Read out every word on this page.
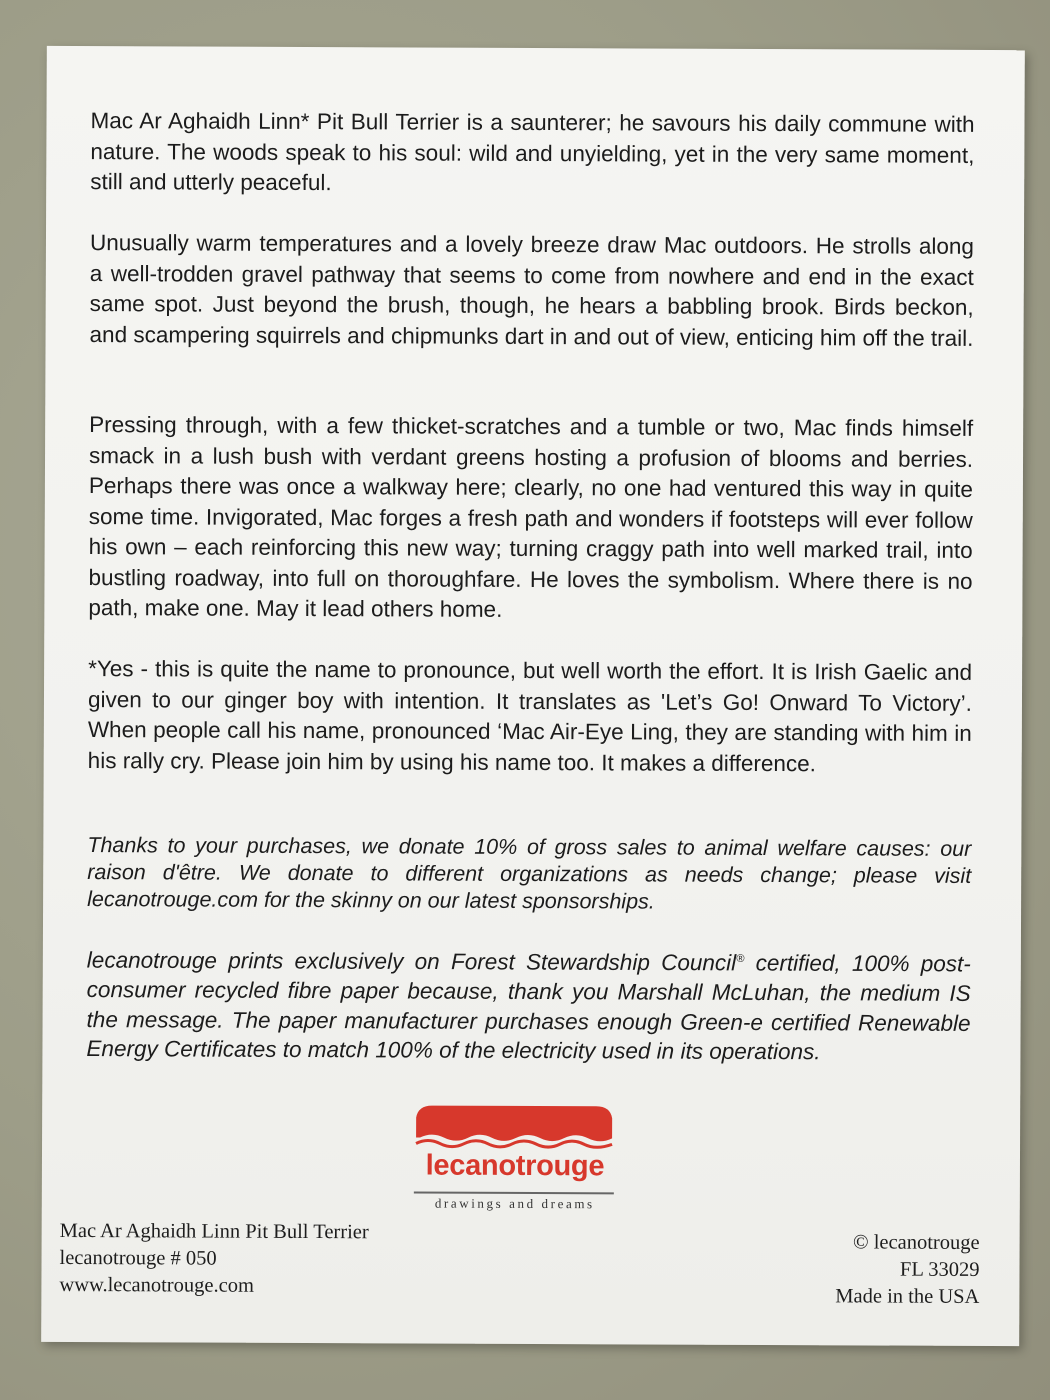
Mac Ar Aghaidh Linn* Pit Bull Terrier is a saunterer; he savours his daily commune with nature. The woods speak to his soul: wild and unyielding, yet in the very same moment, still and utterly peaceful.

Unusually warm temperatures and a lovely breeze draw Mac outdoors. He strolls along a well-trodden gravel pathway that seems to come from nowhere and end in the exact same spot. Just beyond the brush, though, he hears a babbling brook. Birds beckon, and scampering squirrels and chipmunks dart in and out of view, enticing him off the trail.

Pressing through, with a few thicket-scratches and a tumble or two, Mac finds himself smack in a lush bush with verdant greens hosting a profusion of blooms and berries. Perhaps there was once a walkway here; clearly, no one had ventured this way in quite some time. Invigorated, Mac forges a fresh path and wonders if footsteps will ever follow his own – each reinforcing this new way; turning craggy path into well marked trail, into bustling roadway, into full on thoroughfare. He loves the symbolism. Where there is no path, make one. May it lead others home.

*Yes - this is quite the name to pronounce, but well worth the effort. It is Irish Gaelic and given to our ginger boy with intention. It translates as 'Let’s Go! Onward To Victory’. When people call his name, pronounced ‘Mac Air-Eye Ling, they are standing with him in his rally cry. Please join him by using his name too. It makes a difference.

Thanks to your purchases, we donate 10% of gross sales to animal welfare causes: our raison d'être. We donate to different organizations as needs change; please visit lecanotrouge.com for the skinny on our latest sponsorships.

lecanotrouge prints exclusively on Forest Stewardship Council® certified, 100% post-consumer recycled fibre paper because, thank you Marshall McLuhan, the medium IS the message. The paper manufacturer purchases enough Green-e certified Renewable Energy Certificates to match 100% of the electricity used in its operations.

lecanotrouge
drawings and dreams
Mac Ar Aghaidh Linn Pit Bull Terrier
lecanotrouge # 050
www.lecanotrouge.com
© lecanotrouge
FL 33029
Made in the USA
